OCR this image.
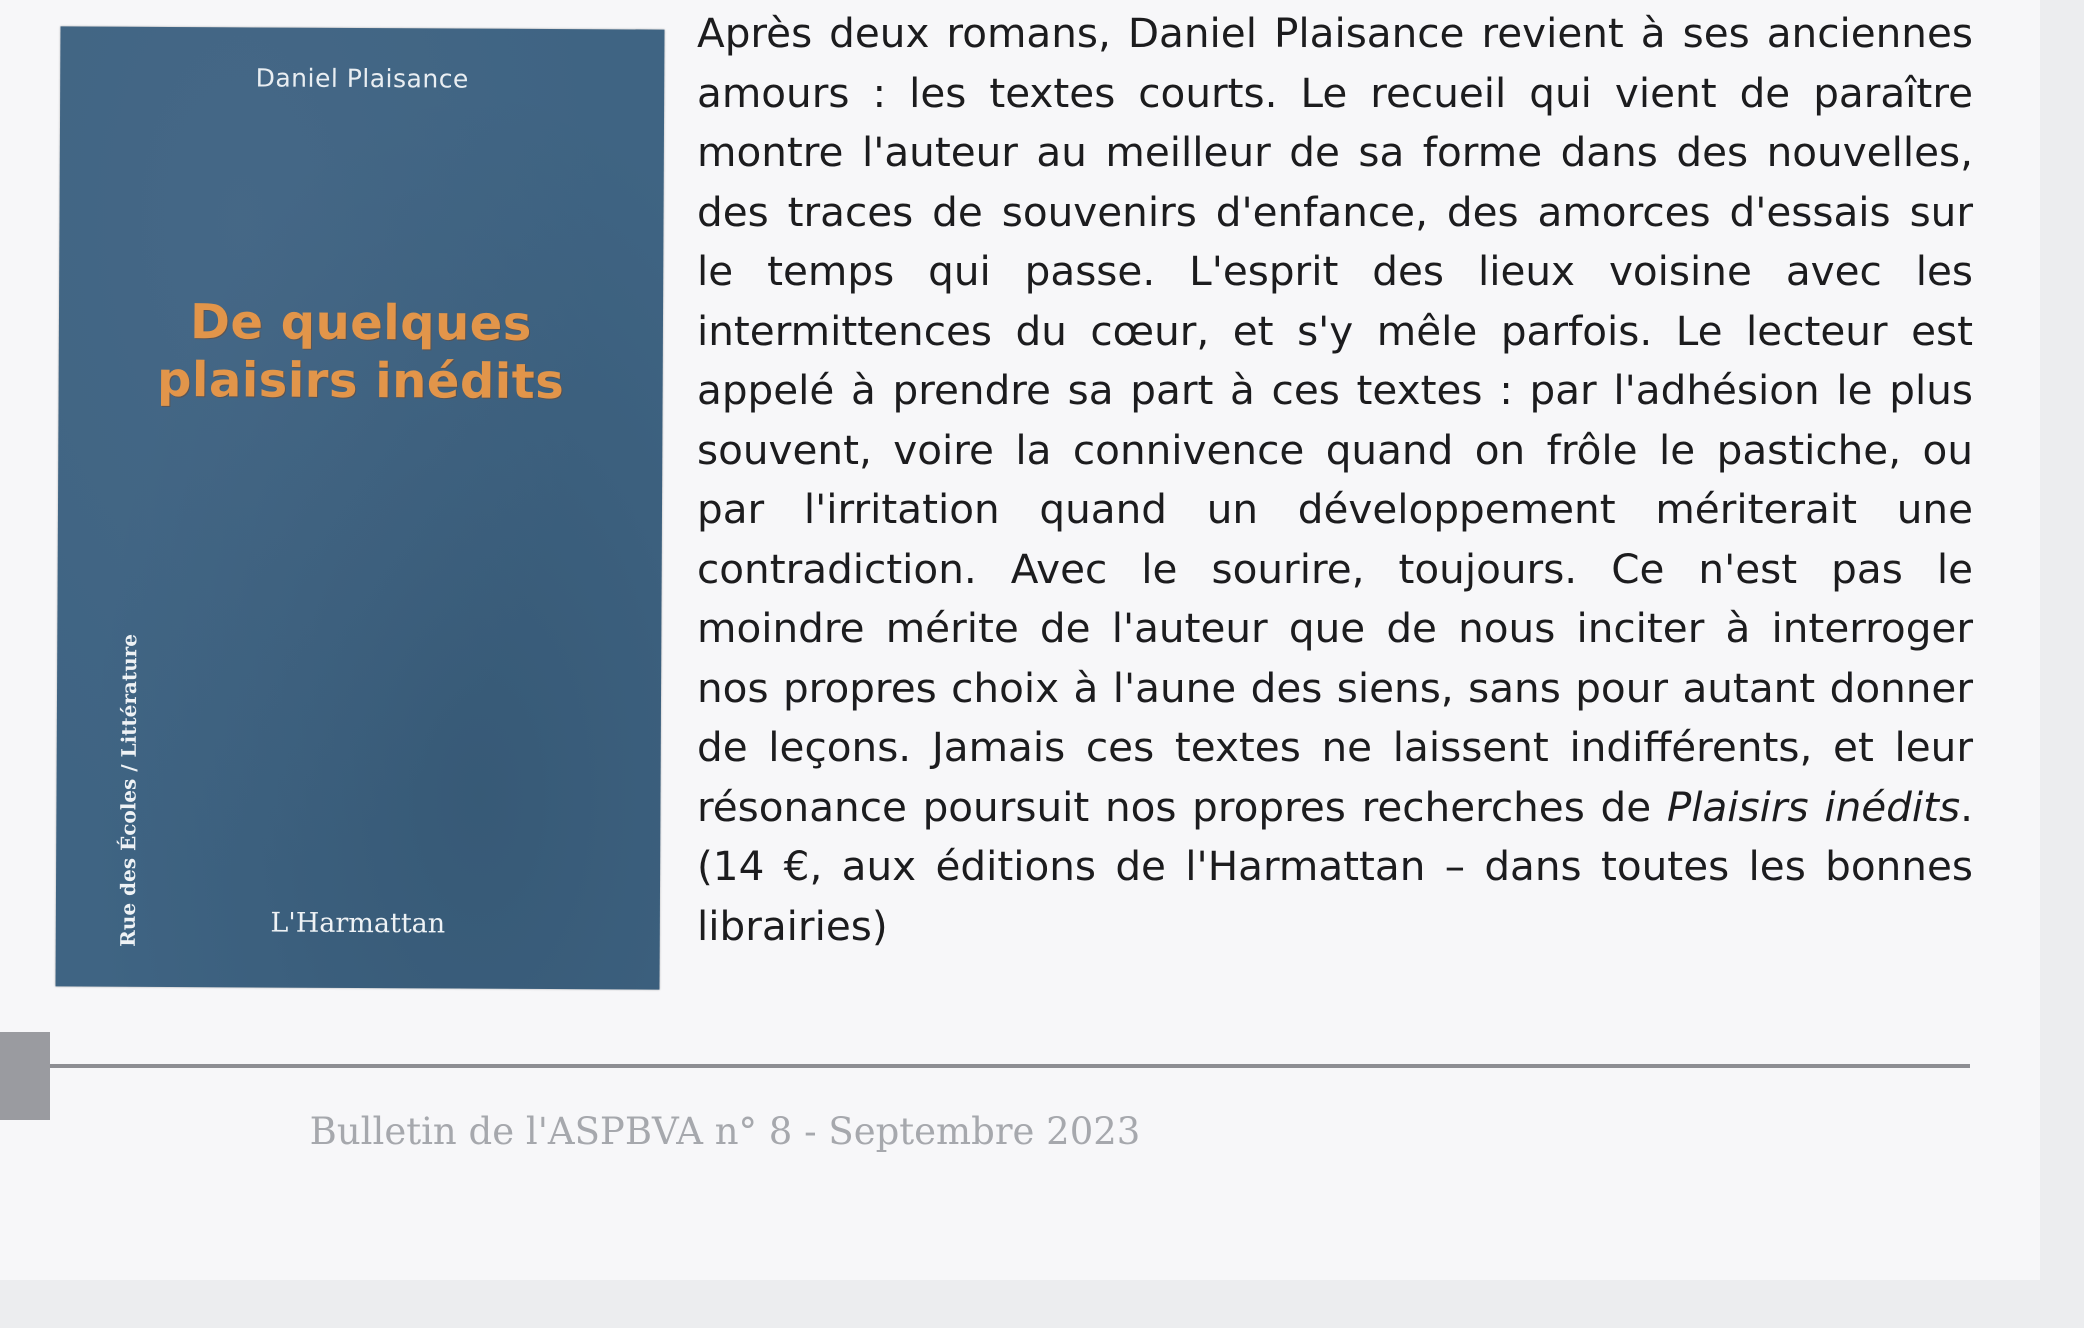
Daniel Plaisance
De quelques
plaisirs inédits
Rue des Écoles / Littérature	L'Harmattan

Après deux romans, Daniel Plaisance revient à ses anciennes amours : les textes courts. Le recueil qui vient de paraître montre l'auteur au meilleur de sa forme dans des nouvelles, des traces de souvenirs d'enfance, des amorces d'essais sur le temps qui passe. L'esprit des lieux voisine avec les intermittences du cœur, et s'y mêle parfois. Le lecteur est appelé à prendre sa part à ces textes : par l'adhésion le plus souvent, voire la connivence quand on frôle le pastiche, ou par l'irritation quand un développement mériterait une contradiction. Avec le sourire, toujours. Ce n'est pas le moindre mérite de l'auteur que de nous inciter à interroger nos propres choix à l'aune des siens, sans pour autant donner de leçons. Jamais ces textes ne laissent indifférents, et leur résonance poursuit nos propres recherches de Plaisirs inédits. (14 €, aux éditions de l'Harmattan – dans toutes les bonnes librairies)

Bulletin de l'ASPBVA n° 8 - Septembre 2023
